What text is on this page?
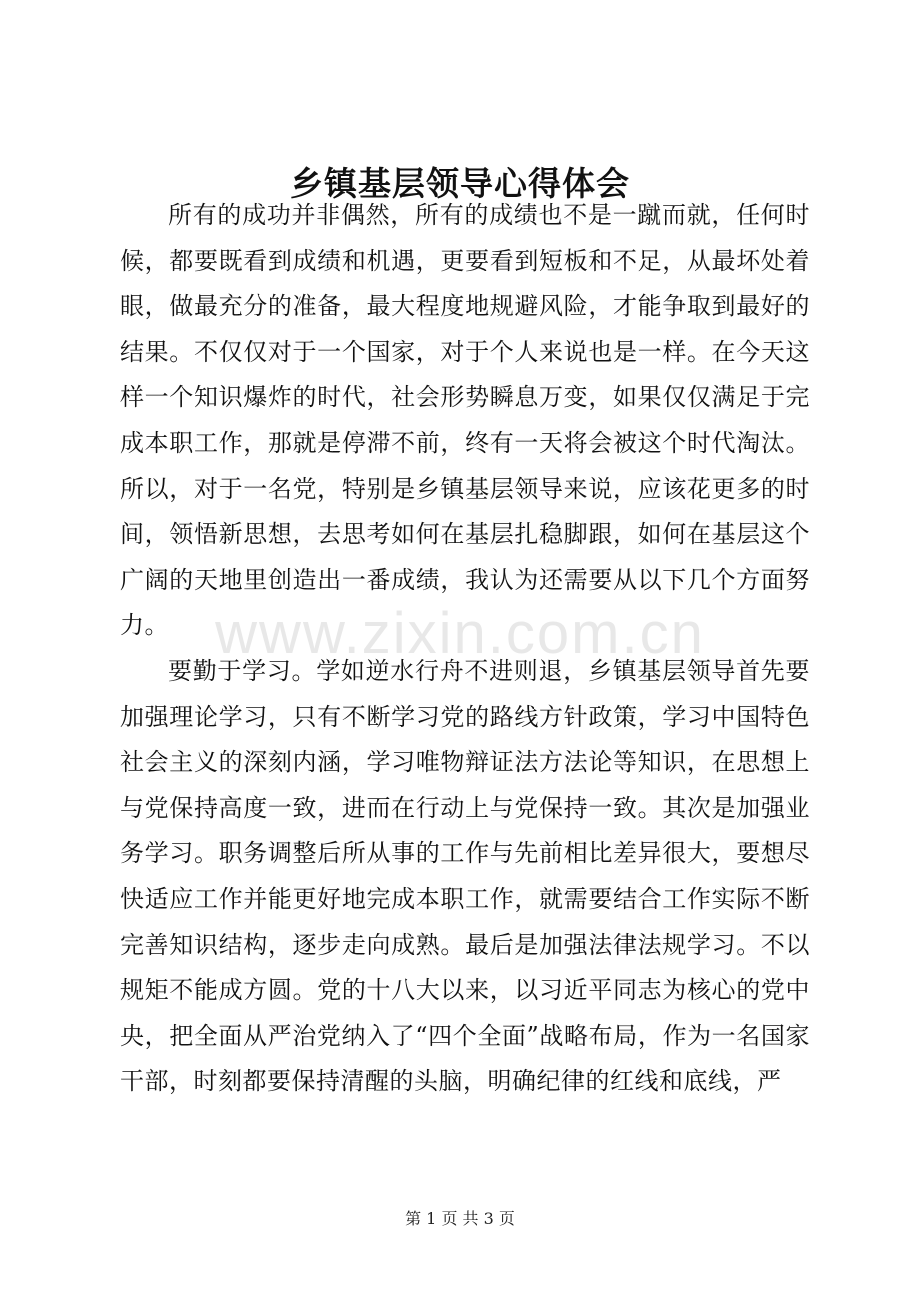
乡镇基层领导心得体会

所有的成功并非偶然，所有的成绩也不是一蹴而就，任何时候，都要既看到成绩和机遇，更要看到短板和不足，从最坏处着眼，做最充分的准备，最大程度地规避风险，才能争取到最好的结果。不仅仅对于一个国家，对于个人来说也是一样。在今天这样一个知识爆炸的时代，社会形势瞬息万变，如果仅仅满足于完成本职工作，那就是停滞不前，终有一天将会被这个时代淘汰。所以，对于一名党，特别是乡镇基层领导来说，应该花更多的时间，领悟新思想，去思考如何在基层扎稳脚跟，如何在基层这个广阔的天地里创造出一番成绩，我认为还需要从以下几个方面努力。

要勤于学习。学如逆水行舟不进则退，乡镇基层领导首先要加强理论学习，只有不断学习党的路线方针政策，学习中国特色社会主义的深刻内涵，学习唯物辩证法方法论等知识，在思想上与党保持高度一致，进而在行动上与党保持一致。其次是加强业务学习。职务调整后所从事的工作与先前相比差异很大，要想尽快适应工作并能更好地完成本职工作，就需要结合工作实际不断完善知识结构，逐步走向成熟。最后是加强法律法规学习。不以规矩不能成方圆。党的十八大以来，以习近平同志为核心的党中央，把全面从严治党纳入了“四个全面”战略布局，作为一名国家干部，时刻都要保持清醒的头脑，明确纪律的红线和底线，严

www.zixin.com.cn
第 1 页 共 3 页
